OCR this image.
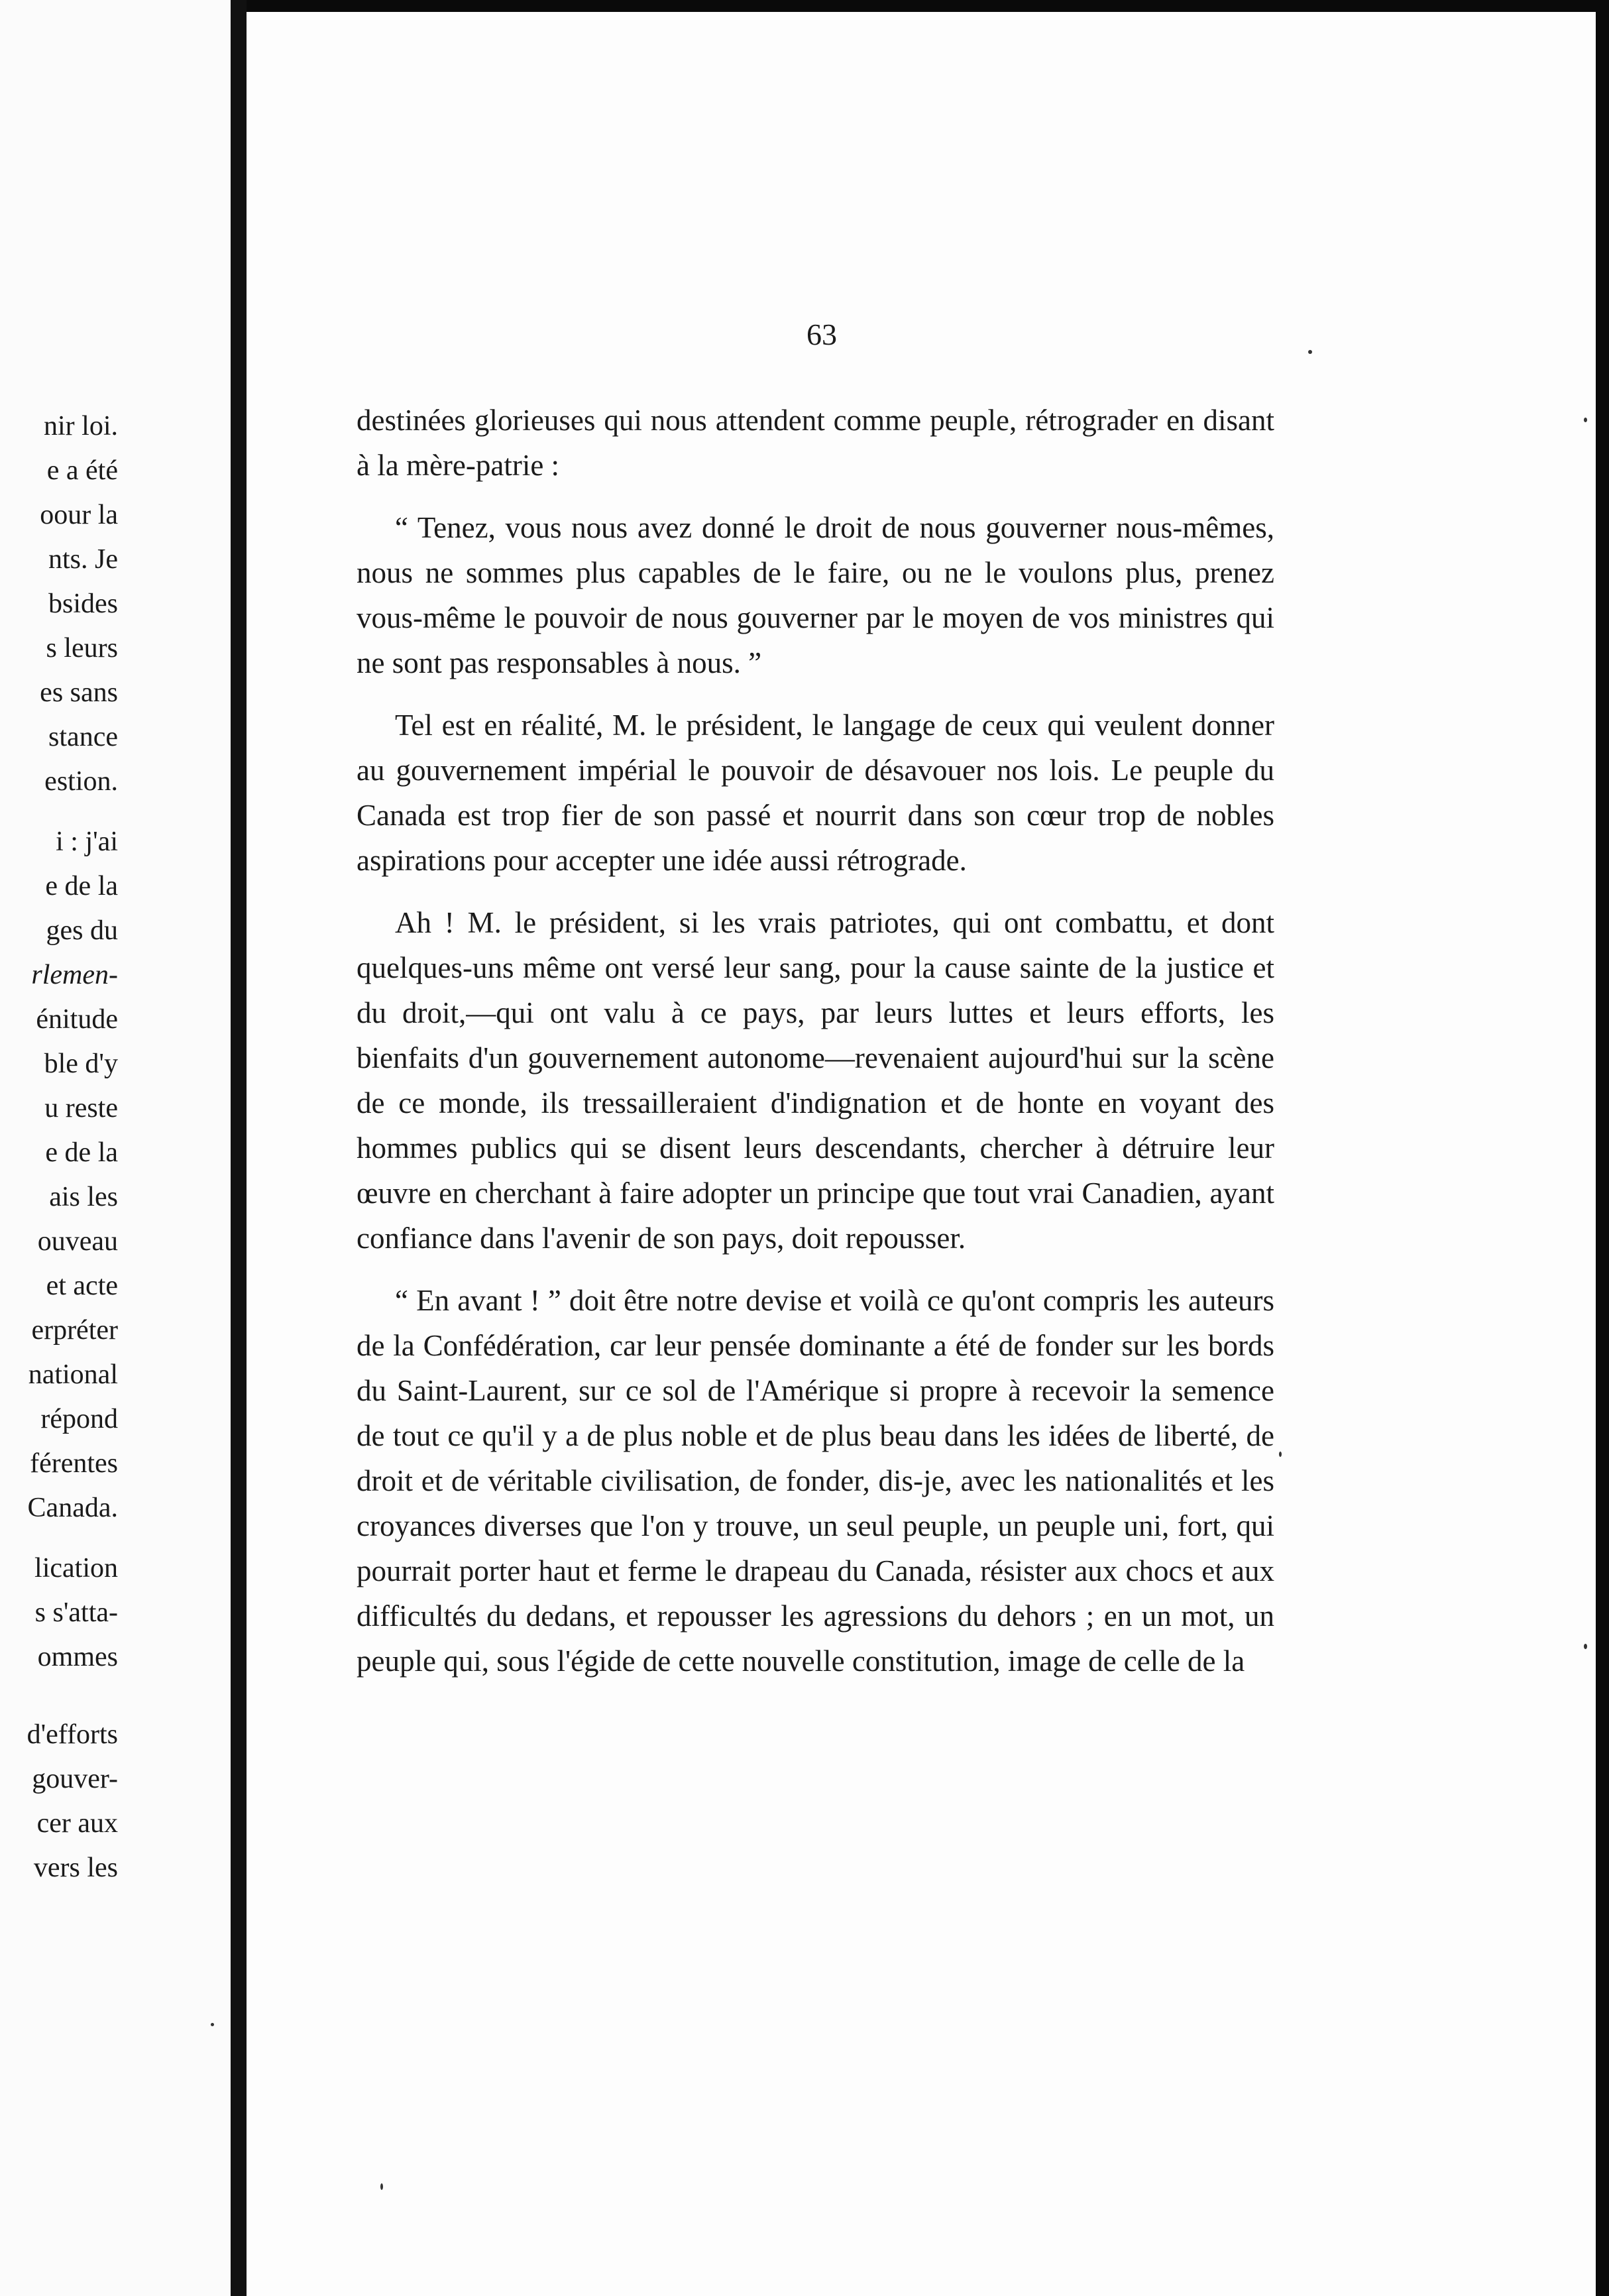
nir loi.
e a été
oour la
nts. Je
bsides
s leurs
es sans
stance
estion.
i : j'ai
e de la
ges du
rlemen-
énitude
ble d'y
u reste
e de la
ais les
ouveau
et acte
erpréter
national
répond
férentes
Canada.
lication
s s'atta-
ommes
d'efforts
gouver-
cer aux
vers les
63

destinées glorieuses qui nous attendent comme peuple, rétrograder en disant à la mère-patrie :

“ Tenez, vous nous avez donné le droit de nous gouverner nous-mêmes, nous ne sommes plus capables de le faire, ou ne le voulons plus, prenez vous-même le pouvoir de nous gouverner par le moyen de vos ministres qui ne sont pas responsables à nous. ”

Tel est en réalité, M. le président, le langage de ceux qui veulent donner au gouvernement impérial le pouvoir de désavouer nos lois. Le peuple du Canada est trop fier de son passé et nourrit dans son cœur trop de nobles aspirations pour accepter une idée aussi rétrograde.

Ah ! M. le président, si les vrais patriotes, qui ont combattu, et dont quelques-uns même ont versé leur sang, pour la cause sainte de la justice et du droit,—qui ont valu à ce pays, par leurs luttes et leurs efforts, les bienfaits d'un gouvernement autonome—revenaient aujourd'hui sur la scène de ce monde, ils tressailleraient d'indignation et de honte en voyant des hommes publics qui se disent leurs descendants, chercher à détruire leur œuvre en cherchant à faire adopter un principe que tout vrai Canadien, ayant confiance dans l'avenir de son pays, doit repousser.

“ En avant ! ” doit être notre devise et voilà ce qu'ont compris les auteurs de la Confédération, car leur pensée dominante a été de fonder sur les bords du Saint-Laurent, sur ce sol de l'Amérique si propre à recevoir la semence de tout ce qu'il y a de plus noble et de plus beau dans les idées de liberté, de droit et de véritable civilisation, de fonder, dis-je, avec les nationalités et les croyances diverses que l'on y trouve, un seul peuple, un peuple uni, fort, qui pourrait porter haut et ferme le drapeau du Canada, résister aux chocs et aux difficultés du dedans, et repousser les agressions du dehors ; en un mot, un peuple qui, sous l'égide de cette nouvelle constitution, image de celle de la
